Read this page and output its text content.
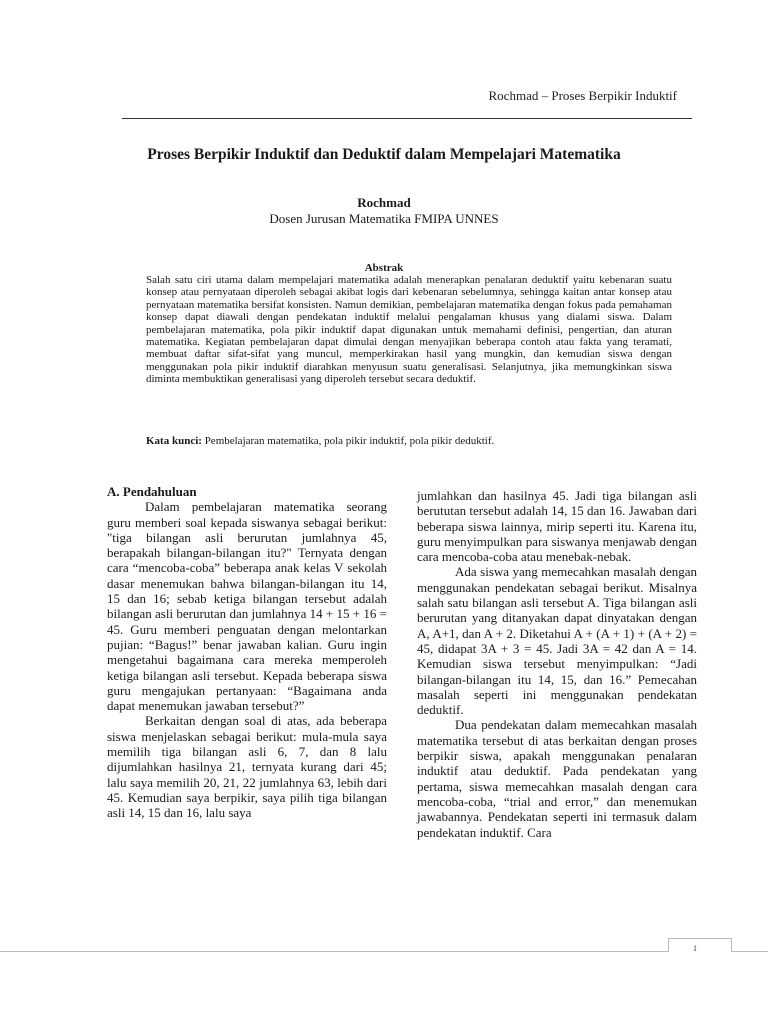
Rochmad – Proses Berpikir Induktif
Proses Berpikir Induktif dan Deduktif dalam Mempelajari Matematika
Rochmad
Dosen Jurusan Matematika FMIPA UNNES
Abstrak
Salah satu ciri utama dalam mempelajari matematika adalah menerapkan penalaran deduktif yaitu kebenaran suatu konsep atau pernyataan diperoleh sebagai akibat logis dari kebenaran sebelumnya, sehingga kaitan antar konsep atau pernyataan matematika bersifat konsisten. Namun demikian, pembelajaran matematika dengan fokus pada pemahaman konsep dapat diawali dengan pendekatan induktif melalui pengalaman khusus yang dialami siswa. Dalam pembelajaran matematika, pola pikir induktif dapat digunakan untuk memahami definisi, pengertian, dan aturan matematika. Kegiatan pembelajaran dapat dimulai dengan menyajikan beberapa contoh atau fakta yang teramati, membuat daftar sifat-sifat yang muncul, memperkirakan hasil yang mungkin, dan kemudian siswa dengan menggunakan pola pikir induktif diarahkan menyusun suatu generalisasi. Selanjutnya, jika memungkinkan siswa diminta membuktikan generalisasi yang diperoleh tersebut secara deduktif.
Kata kunci: Pembelajaran matematika, pola pikir induktif, pola pikir deduktif.

A. Pendahuluan

Dalam pembelajaran matematika seorang guru memberi soal kepada siswanya sebagai berikut: "tiga bilangan asli berurutan jumlahnya 45, berapakah bilangan-bilangan itu?" Ternyata dengan cara “mencoba-coba” beberapa anak kelas V sekolah dasar menemukan bahwa bilangan-bilangan itu 14, 15 dan 16; sebab ketiga bilangan tersebut adalah bilangan asli berurutan dan jumlahnya 14 + 15 + 16 = 45. Guru memberi penguatan dengan melontarkan pujian: “Bagus!” benar jawaban kalian. Guru ingin mengetahui bagaimana cara mereka memperoleh ketiga bilangan asli tersebut. Kepada beberapa siswa guru mengajukan pertanyaan: “Bagaimana anda dapat menemukan jawaban tersebut?”

Berkaitan dengan soal di atas, ada beberapa siswa menjelaskan sebagai berikut: mula-mula saya memilih tiga bilangan asli 6, 7, dan 8 lalu dijumlahkan hasilnya 21, ternyata kurang dari 45; lalu saya memilih 20, 21, 22 jumlahnya 63, lebih dari 45. Kemudian saya berpikir, saya pilih tiga bilangan asli 14, 15 dan 16, lalu saya

jumlahkan dan hasilnya 45. Jadi tiga bilangan asli berututan tersebut adalah 14, 15 dan 16. Jawaban dari beberapa siswa lainnya, mirip seperti itu. Karena itu, guru menyimpulkan para siswanya menjawab dengan cara mencoba-coba atau menebak-nebak.

Ada siswa yang memecahkan masalah dengan menggunakan pendekatan sebagai berikut. Misalnya salah satu bilangan asli tersebut A. Tiga bilangan asli berurutan yang ditanyakan dapat dinyatakan dengan A, A+1, dan A + 2. Diketahui A + (A + 1) + (A + 2) = 45, didapat 3A + 3 = 45. Jadi 3A = 42 dan A = 14. Kemudian siswa tersebut menyimpulkan: “Jadi bilangan-bilangan itu 14, 15, dan 16.” Pemecahan masalah seperti ini menggunakan pendekatan deduktif.

Dua pendekatan dalam memecahkan masalah matematika tersebut di atas berkaitan dengan proses berpikir siswa, apakah menggunakan penalaran induktif atau deduktif. Pada pendekatan yang pertama, siswa memecahkan masalah dengan cara mencoba-coba, “trial and error,” dan menemukan jawabannya. Pendekatan seperti ini termasuk dalam pendekatan induktif. Cara

1
